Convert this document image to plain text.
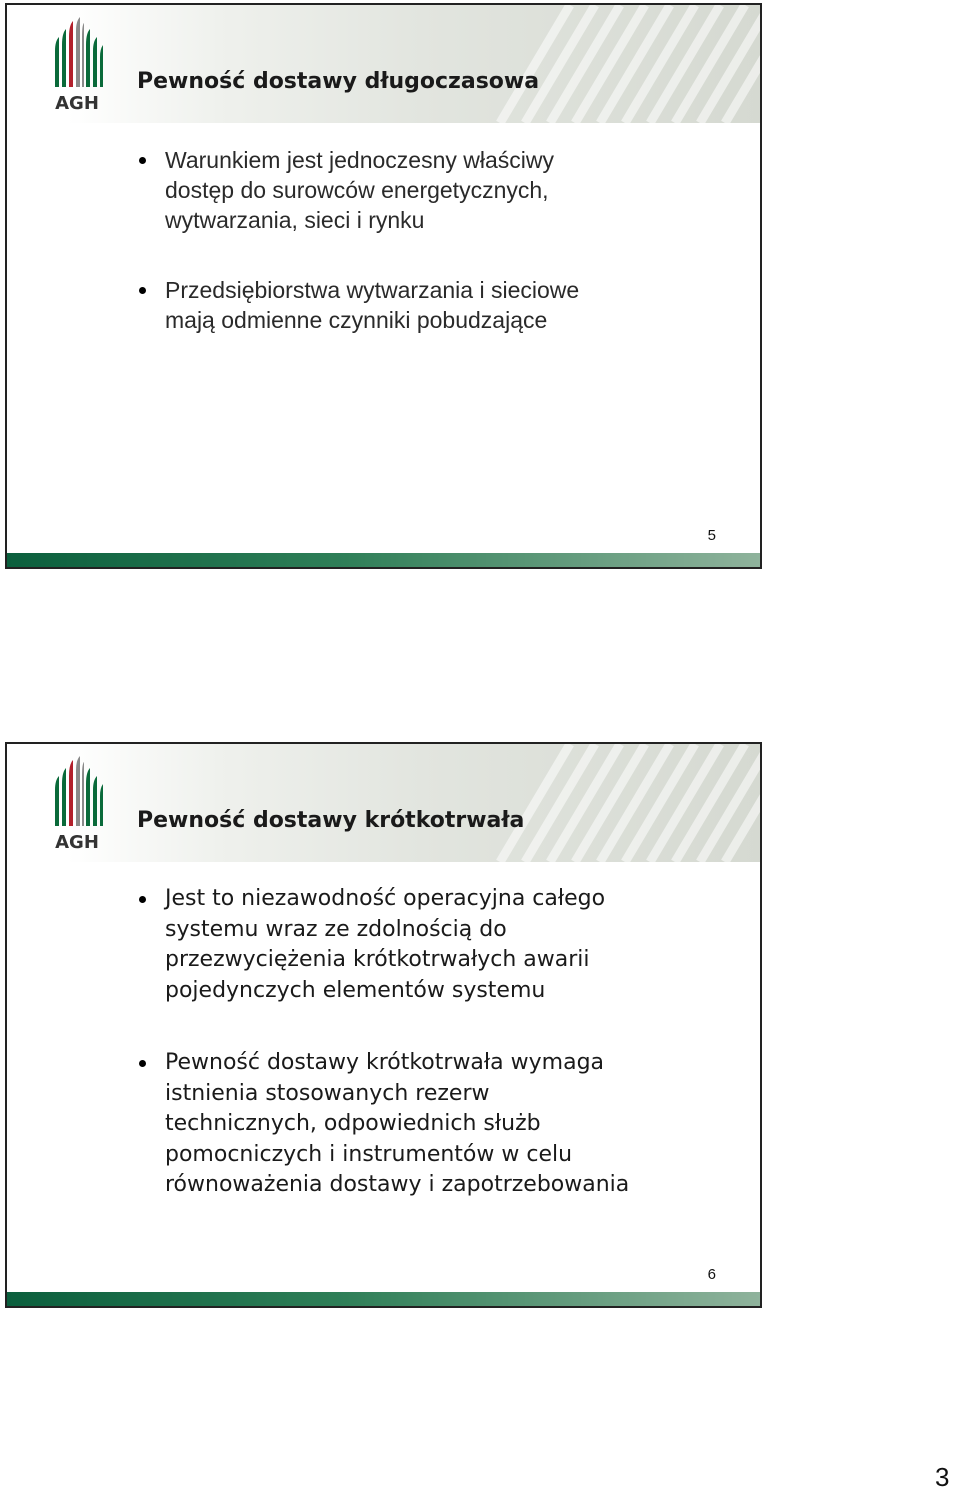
AGH
Pewność dostawy długoczasowa
Warunkiem jest jednoczesny właściwy
dostęp do surowców energetycznych,
wytwarzania, sieci i rynku
Przedsiębiorstwa wytwarzania i sieciowe
mają odmienne czynniki pobudzające
5
AGH
Pewność dostawy krótkotrwała
Jest to niezawodność operacyjna całego
systemu wraz ze zdolnością do
przezwyciężenia krótkotrwałych awarii
pojedynczych elementów systemu
Pewność dostawy krótkotrwała wymaga
istnienia stosowanych rezerw
technicznych, odpowiednich służb
pomocniczych i instrumentów w celu
równoważenia dostawy i zapotrzebowania
6
3
